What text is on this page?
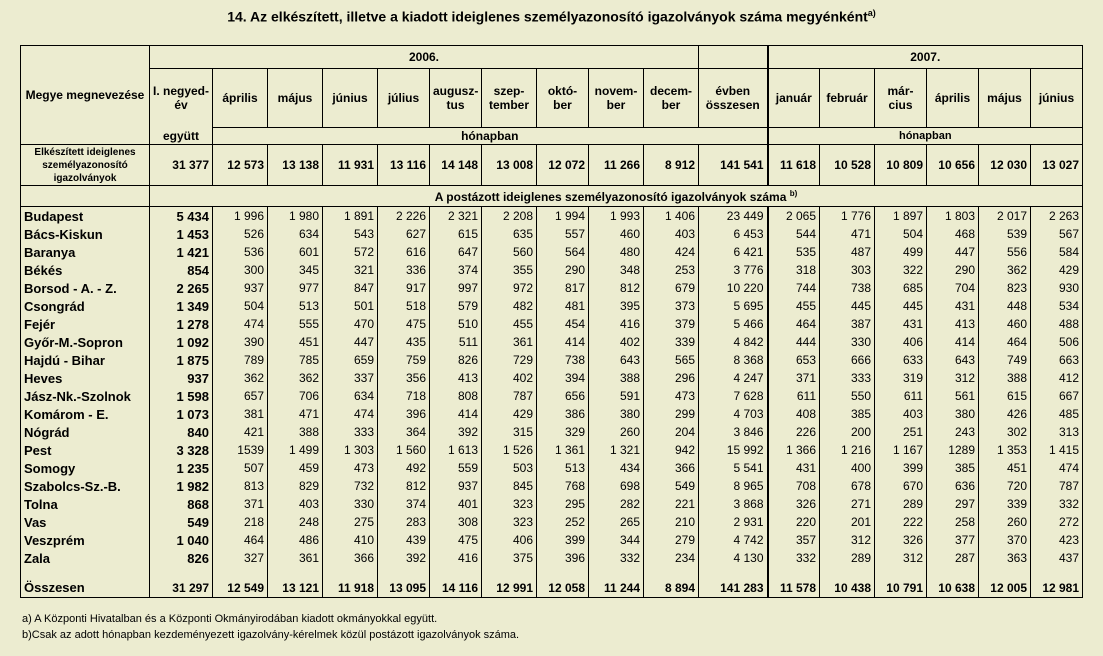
14. Az elkészített, illetve a kiadott ideiglenes személyazonosító igazolványok száma megyénként$^{a)}$
Megye megnevezése	2006.											2007.					
	I. negyed-év	április	május	június	július	augusz-tus	szep-tember	októ-ber	novem-ber	decem-ber	évben összesen	január	február	már-cius	április	május	június
	együtt	hónapban										hónapban					
Elkészített ideiglenes személyazonosító igazolványok	31 377	12 573	13 138	11 931	13 116	14 148	13 008	12 072	11 266	8 912	141 541	11 618	10 528	10 809	10 656	12 030	13 027
	A postázott ideiglenes személyazonosító igazolványok száma $^{b)}$
Budapest	5 434	1 996	1 980	1 891	2 226	2 321	2 208	1 994	1 993	1 406	23 449	2 065	1 776	1 897	1 803	2 017	2 263
Bács-Kiskun	1 453	526	634	543	627	615	635	557	460	403	6 453	544	471	504	468	539	567
Baranya	1 421	536	601	572	616	647	560	564	480	424	6 421	535	487	499	447	556	584
Békés	854	300	345	321	336	374	355	290	348	253	3 776	318	303	322	290	362	429
Borsod - A. - Z.	2 265	937	977	847	917	997	972	817	812	679	10 220	744	738	685	704	823	930
Csongrád	1 349	504	513	501	518	579	482	481	395	373	5 695	455	445	445	431	448	534
Fejér	1 278	474	555	470	475	510	455	454	416	379	5 466	464	387	431	413	460	488
Győr-M.-Sopron	1 092	390	451	447	435	511	361	414	402	339	4 842	444	330	406	414	464	506
Hajdú - Bihar	1 875	789	785	659	759	826	729	738	643	565	8 368	653	666	633	643	749	663
Heves	937	362	362	337	356	413	402	394	388	296	4 247	371	333	319	312	388	412
Jász-Nk.-Szolnok	1 598	657	706	634	718	808	787	656	591	473	7 628	611	550	611	561	615	667
Komárom - E.	1 073	381	471	474	396	414	429	386	380	299	4 703	408	385	403	380	426	485
Nógrád	840	421	388	333	364	392	315	329	260	204	3 846	226	200	251	243	302	313
Pest	3 328	1539	1 499	1 303	1 560	1 613	1 526	1 361	1 321	942	15 992	1 366	1 216	1 167	1289	1 353	1 415
Somogy	1 235	507	459	473	492	559	503	513	434	366	5 541	431	400	399	385	451	474
Szabolcs-Sz.-B.	1 982	813	829	732	812	937	845	768	698	549	8 965	708	678	670	636	720	787
Tolna	868	371	403	330	374	401	323	295	282	221	3 868	326	271	289	297	339	332
Vas	549	218	248	275	283	308	323	252	265	210	2 931	220	201	222	258	260	272
Veszprém	1 040	464	486	410	439	475	406	399	344	279	4 742	357	312	326	377	370	423
Zala	826	327	361	366	392	416	375	396	332	234	4 130	332	289	312	287	363	437
Összesen	31 297	12 549	13 121	11 918	13 095	14 116	12 991	12 058	11 244	8 894	141 283	11 578	10 438	10 791	10 638	12 005	12 981
a) A Központi Hivatalban és a Központi Okmányirodában kiadott okmányokkal együtt.
b)Csak az adott hónapban kezdeményezett igazolvány-kérelmek közül postázott igazolványok száma.
